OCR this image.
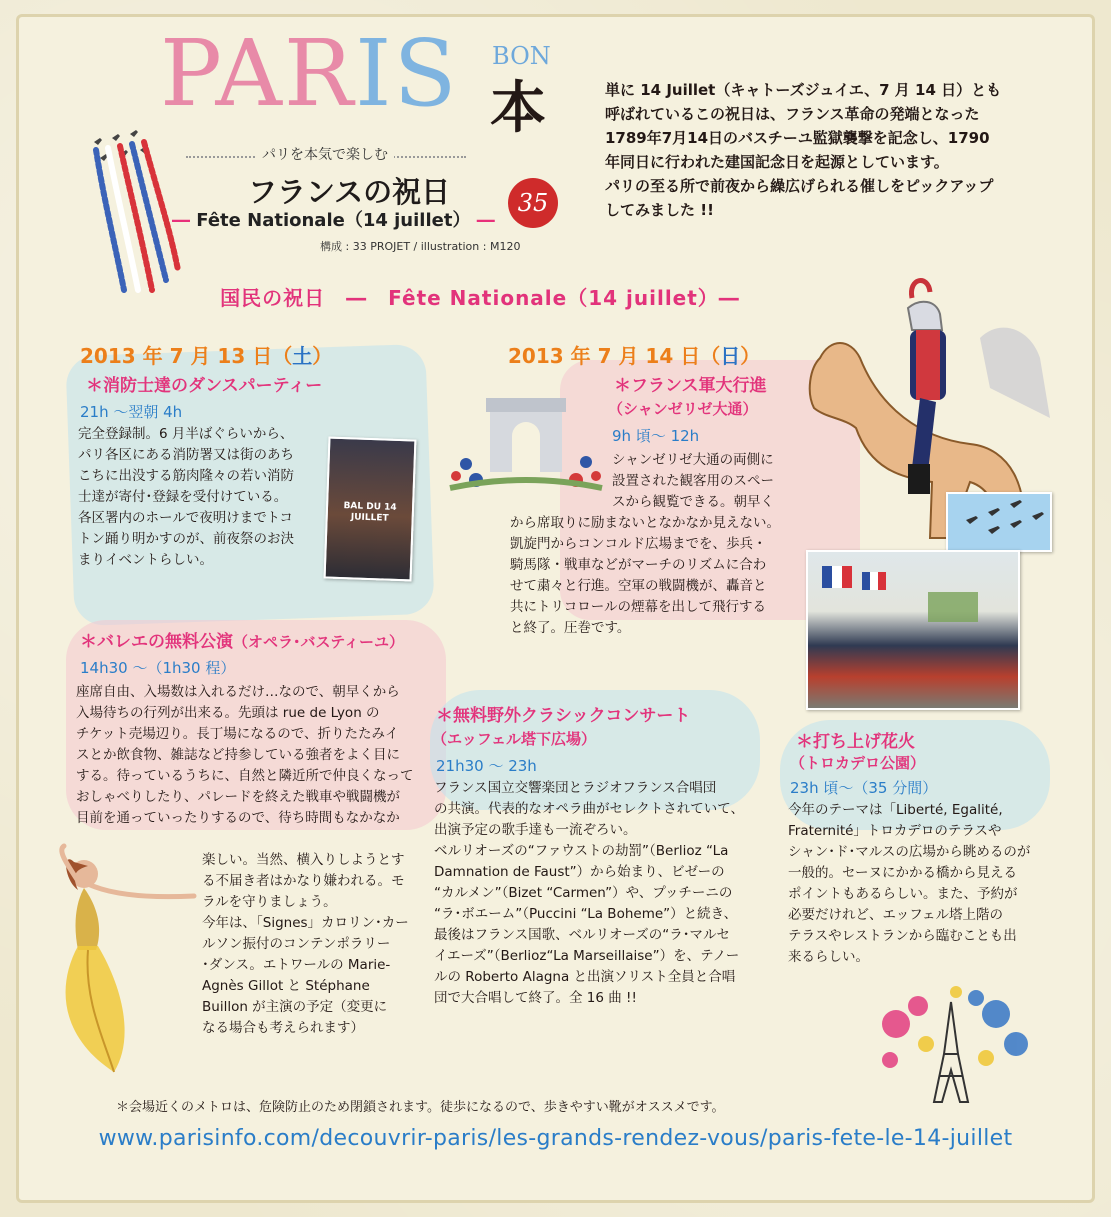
PARIS BON
本
パリを本気で楽しむ
フランスの祝日
― Fête Nationale（14 juillet） ―
35
構成 : 33 PROJET / illustration : M120

単に 14 Juillet（キャトーズジュイエ、7 月 14 日）とも

呼ばれているこの祝日は、フランス革命の発端となった

1789年7月14日のバスチーユ監獄襲撃を記念し、1790

年同日に行われた建国記念日を起源としています。

パリの至る所で前夜から繰広げられる催しをピックアップ

してみました !!

国民の祝日　―　Fête Nationale（14 juillet）―
2013 年 7 月 13 日（土）	2013 年 7 月 14 日（日）
＊消防士達のダンスパーティー
21h ～翌朝 4h

完全登録制。6 月半ばぐらいから、

パリ各区にある消防署又は街のあち

こちに出没する筋肉隆々の若い消防

士達が寄付･登録を受付けている。

各区署内のホールで夜明けまでトコ

トン踊り明かすのが、前夜祭のお決

まりイベントらしい。

BAL DU 14 JUILLET
＊バレエの無料公演（オペラ･バスティーユ）
14h30 ～（1h30 程）

座席自由、入場数は入れるだけ…なので、朝早くから

入場待ちの行列が出来る。先頭は rue de Lyon の

チケット売場辺り。長丁場になるので、折りたたみイ

スとか飲食物、雑誌など持参している強者をよく目に

する。待っているうちに、自然と隣近所で仲良くなって

おしゃべりしたり、パレードを終えた戦車や戦闘機が

目前を通っていったりするので、待ち時間もなかなか

楽しい。当然、横入りしようとす

る不届き者はかなり嫌われる。モ

ラルを守りましょう。

今年は、「Signes」カロリン･カー

ルソン振付のコンテンポラリー

･ダンス。エトワールの Marie-

Agnès Gillot と Stéphane

Buillon が主演の予定（変更に

なる場合も考えられます）

＊フランス軍大行進
（シャンゼリゼ大通）
9h 頃～ 12h

シャンゼリゼ大通の両側に

設置された観客用のスペー

スから観覧できる。朝早く

から席取りに励まないとなかなか見えない。

凱旋門からコンコルド広場までを、歩兵・

騎馬隊・戦車などがマーチのリズムに合わ

せて粛々と行進。空軍の戦闘機が、轟音と

共にトリコロールの煙幕を出して飛行する

と終了。圧巻です。

＊無料野外クラシックコンサート
（エッフェル塔下広場）
21h30 ～ 23h

フランス国立交響楽団とラジオフランス合唱団

の共演。代表的なオペラ曲がセレクトされていて、

出演予定の歌手達も一流ぞろい。

ベルリオーズの“ファウストの劫罰”（Berlioz “La

Damnation de Faust”）から始まり、ビゼーの

“カルメン”（Bizet “Carmen”）や、プッチーニの

“ラ･ボエーム”（Puccini “La Boheme”）と続き、

最後はフランス国歌、ベルリオーズの“ラ･マルセ

イエーズ”（Berlioz“La Marseillaise”）を、テノー

ルの Roberto Alagna と出演ソリスト全員と合唱

団で大合唱して終了。全 16 曲 !!

＊打ち上げ花火
（トロカデロ公園）
23h 頃～（35 分間）

今年のテーマは「Liberté, Egalité,

Fraternité」トロカデロのテラスや

シャン･ド･マルスの広場から眺めるのが

一般的。セーヌにかかる橋から見える

ポイントもあるらしい。また、予約が

必要だけれど、エッフェル塔上階の

テラスやレストランから臨むことも出

来るらしい。

＊会場近くのメトロは、危険防止のため閉鎖されます。徒歩になるので、歩きやすい靴がオススメです。
www.parisinfo.com/decouvrir-paris/les-grands-rendez-vous/paris-fete-le-14-juillet
